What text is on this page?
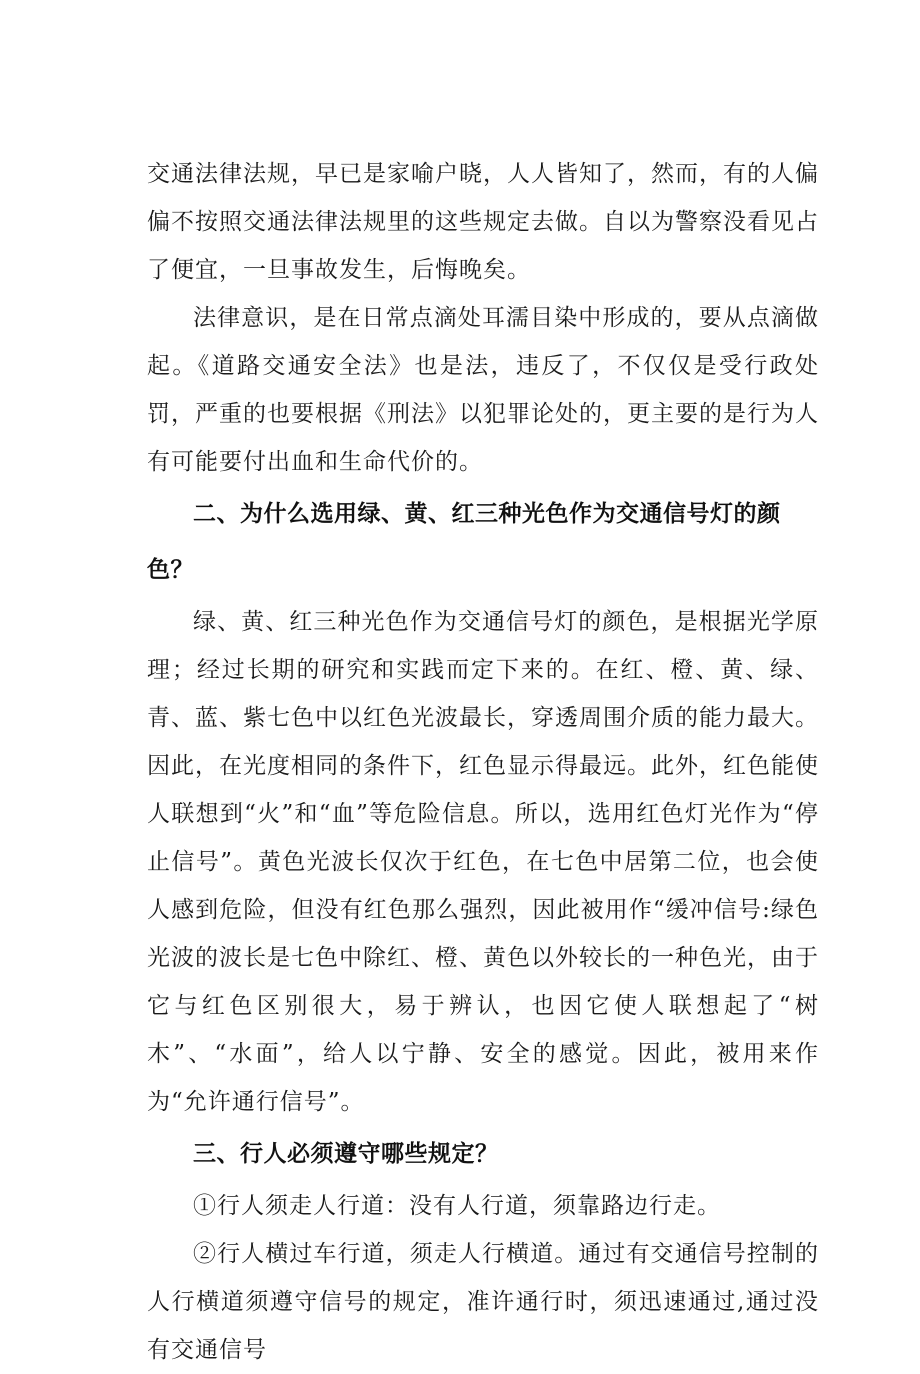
交通法律法规，早已是家喻户晓，人人皆知了，然而，有的人偏偏不按照交通法律法规里的这些规定去做。自以为警察没看见占了便宜，一旦事故发生，后悔晚矣。

法律意识，是在日常点滴处耳濡目染中形成的，要从点滴做起。《道路交通安全法》也是法，违反了，不仅仅是受行政处罚，严重的也要根据《刑法》以犯罪论处的，更主要的是行为人有可能要付出血和生命代价的。

二、为什么选用绿、黄、红三种光色作为交通信号灯的颜色？

绿、黄、红三种光色作为交通信号灯的颜色，是根据光学原理；经过长期的研究和实践而定下来的。在红、橙、黄、绿、青、蓝、紫七色中以红色光波最长，穿透周围介质的能力最大。因此，在光度相同的条件下，红色显示得最远。此外，红色能使人联想到“火”和“血”等危险信息。所以，选用红色灯光作为“停止信号”。黄色光波长仅次于红色，在七色中居第二位，也会使人感到危险，但没有红色那么强烈，因此被用作“缓冲信号:绿色光波的波长是七色中除红、橙、黄色以外较长的一种色光，由于它与红色区别很大，易于辨认，也因它使人联想起了“树木”、“水面”，给人以宁静、安全的感觉。因此，被用来作为“允许通行信号”。

三、行人必须遵守哪些规定？

①行人须走人行道：没有人行道，须靠路边行走。

②行人横过车行道，须走人行横道。通过有交通信号控制的人行横道须遵守信号的规定，准许通行时，须迅速通过,通过没有交通信号
